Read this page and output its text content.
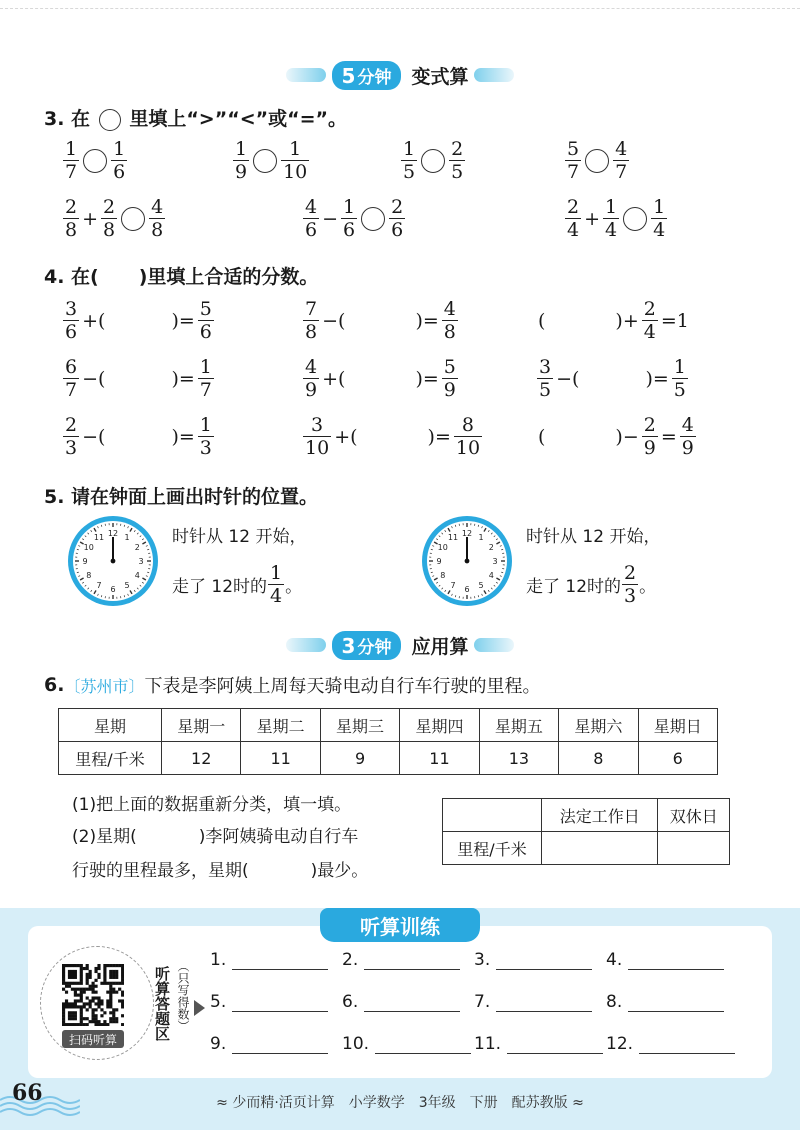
5 分钟	变式算
3. 在 里填上“>”“<”或“=”。
$\frac{1}{7} \frac{1}{6}$	$\frac{1}{9} \frac{1}{10}$	$\frac{1}{5} \frac{2}{5}$	$\frac{5}{7} \frac{4}{7}$
$\frac{2}{8} + \frac{2}{8} \frac{4}{8}$	$\frac{4}{6} - \frac{1}{6} \frac{2}{6}$	$\frac{2}{4} + \frac{1}{4} \frac{1}{4}$
4. 在( )里填上合适的分数。
$\frac{3}{6}$ +(	)= $\frac{5}{6}$	$\frac{7}{8}$ −(	)= $\frac{4}{8}$	(	)+ $\frac{2}{4} =1$
$\frac{6}{7}$ −(	)= $\frac{1}{7}$	$\frac{4}{9}$ +(	)= $\frac{5}{9}$	$\frac{3}{5}$ −(	)= $\frac{1}{5}$
$\frac{2}{3}$ −(	)= $\frac{1}{3}$	$\frac{3}{10}$ +(	)= $\frac{8}{10}$	(	)− $\frac{2}{9} = \frac{4}{9}$
5. 请在钟面上画出时针的位置。
12 1
2
3
4
5
6
7
8
9
10
11	12 1
2
3
4
5
6
7
8
9
10
11
时针从 12 开始，
走了 12时的 $\frac{1}{4}$ 。
时针从 12 开始，
走了 12时的 $\frac{2}{3}$ 。
3 分钟	应用算
6. 〔苏州市〕 下表是李阿姨上周每天骑电动自行车行驶的里程。
星期	星期一	星期二	星期三	星期四	星期五	星期六	星期日
里程/千米	12	11	9	11	13	8	6
(1)把上面的数据重新分类，填一填。
(2)星期(	)李阿姨骑电动自行车
行驶的里程最多，星期(	)最少。
	法定工作日	双休日
里程/千米		
听算训练
扫码听算	听算答题区 （只写得数） 1.	2.	3.	4.
5.	6.	7.	8.
9.	10.	11.	12.
66	≈ 少而精·活页计算　小学数学　3年级　下册　配苏教版 ≈
